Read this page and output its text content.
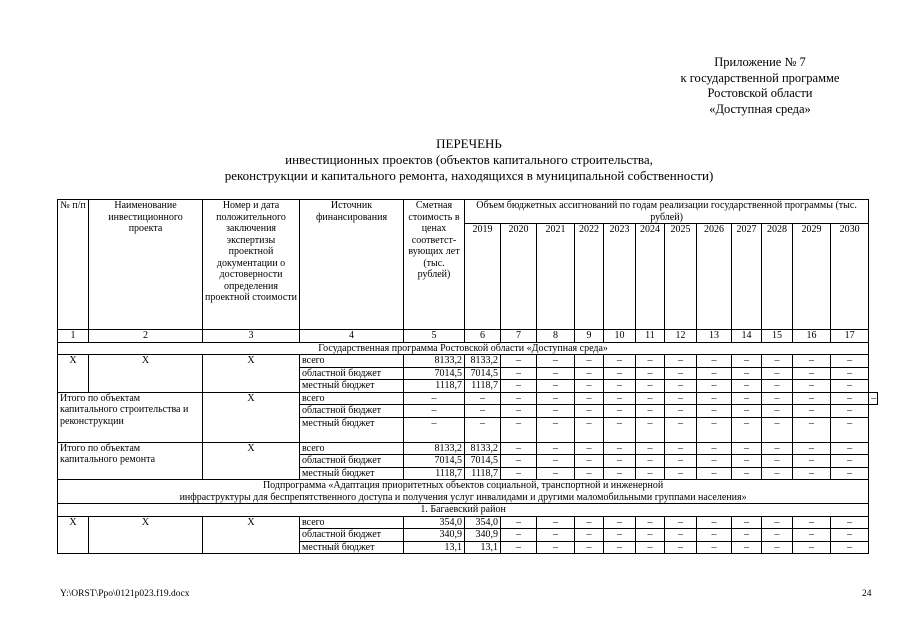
Приложение № 7
к государственной программе
Ростовской области
«Доступная среда»
ПЕРЕЧЕНЬ
инвестиционных проектов (объектов капитального строительства,
реконструкции и капитального ремонта, находящихся в муниципальной собственности)
№ п/п	Наименование инвестиционного проекта	Номер и дата положительного заключения экспертизы проектной документации о достоверности определения проектной стоимости	Источник финансирования	Сметная стоимость в ценах соответст-вующих лет (тыс. рублей)	Объем бюджетных ассигнований по годам реализации государственной программы (тыс. рублей)												
					2019	2020	2021	2022	2023	2024	2025	2026	2027	2028	2029	2030	
1	2	3	4	5	6	7	8	9	10	11	12	13	14	15	16	17	
Государственная программа Ростовской области «Доступная среда»																	
Х	Х	Х	всего	8133,2	8133,2	–	–	–	–	–	–	–	–	–	–	–	
			областной бюджет	7014,5	7014,5	–	–	–	–	–	–	–	–	–	–	–	
			местный бюджет	1118,7	1118,7	–	–	–	–	–	–	–	–	–	–	–	
Итого по объектам капитального строительства и реконструкции		Х	всего	–	–	–	–	–	–	–	–	–	–	–	–	–	–
			областной бюджет	–	–	–	–	–	–	–	–	–	–	–	–	–	
			местный бюджет	–	–	–	–	–	–	–	–	–	–	–	–	–	
Итого по объектам капитального ремонта		Х	всего	8133,2	8133,2	–	–	–	–	–	–	–	–	–	–	–	
			областной бюджет	7014,5	7014,5	–	–	–	–	–	–	–	–	–	–	–	
			местный бюджет	1118,7	1118,7	–	–	–	–	–	–	–	–	–	–	–	

Подпрограмма «Адаптация приоритетных объектов социальной, транспортной и инженерной
инфраструктуры для беспрепятственного доступа и получения услуг инвалидами и другими маломобильными группами населения»																	

1. Багаевский район																	
Х	Х	Х	всего	354,0	354,0	–	–	–	–	–	–	–	–	–	–	–	
			областной бюджет	340,9	340,9	–	–	–	–	–	–	–	–	–	–	–	
			местный бюджет	13,1	13,1	–	–	–	–	–	–	–	–	–	–	–	
Y:\ORST\Ppo\0121p023.f19.docx	24
